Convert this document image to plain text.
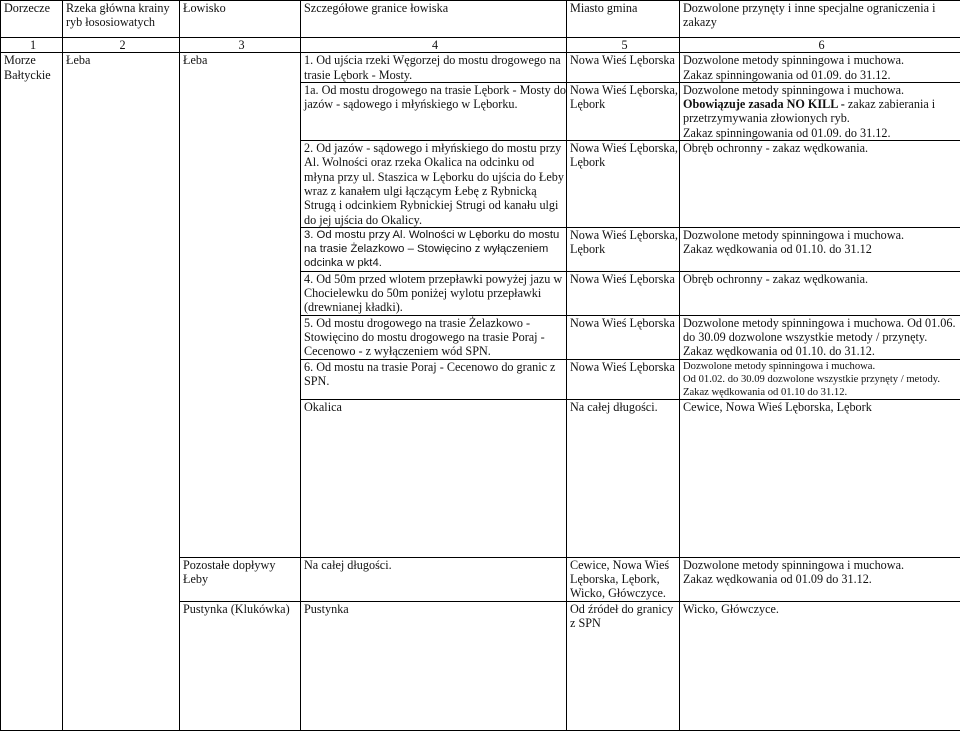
Dorzecze	Rzeka główna krainy ryb łososiowatych	Łowisko	Szczegółowe granice łowiska	Miasto gmina	Dozwolone przynęty i inne specjalne ograniczenia i zakazy	
1	2	3	4	5	6	
Morze Bałtyckie	Łeba	Łeba	1. Od ujścia rzeki Węgorzej do mostu drogowego na trasie Lębork - Mosty.	Nowa Wieś Lęborska	Dozwolone metody spinningowa i muchowa.
Zakaz spinningowania od 01.09. do 31.12.	

			1a. Od mostu drogowego na trasie Lębork - Mosty do jazów - sądowego i młyńskiego w Lęborku.	Nowa Wieś Lęborska, Lębork	Dozwolone metody spinningowa i muchowa.
Obowiązuje zasada NO KILL - zakaz zabierania i przetrzymywania złowionych ryb.
Zakaz spinningowania od 01.09. do 31.12.	

			2. Od jazów - sądowego i młyńskiego do mostu przy Al. Wolności oraz rzeka Okalica na odcinku od młyna przy ul. Staszica w Lęborku do ujścia do Łeby wraz z kanałem ulgi łączącym Łebę z Rybnicką Strugą i odcinkiem Rybnickiej Strugi od kanału ulgi do jej ujścia do Okalicy.	Nowa Wieś Lęborska, Lębork	Obręb ochronny - zakaz wędkowania.	

			3. Od mostu przy Al. Wolności w Lęborku do mostu na trasie Żelazkowo – Stowięcino z wyłączeniem odcinka w pkt4.	Nowa Wieś Lęborska, Lębork	Dozwolone metody spinningowa i muchowa.
Zakaz wędkowania od 01.10. do 31.12	

			4. Od 50m przed wlotem przepławki powyżej jazu w Chocielewku do 50m poniżej wylotu przepławki (drewnianej kładki).	Nowa Wieś Lęborska	Obręb ochronny - zakaz wędkowania.	

			5. Od mostu drogowego na trasie Żelazkowo - Stowięcino do mostu drogowego na trasie Poraj - Cecenowo - z wyłączeniem wód SPN.	Nowa Wieś Lęborska	Dozwolone metody spinningowa i muchowa. Od 01.06. do 30.09 dozwolone wszystkie metody / przynęty.
Zakaz wędkowania od 01.10. do 31.12.	

			6. Od mostu na trasie Poraj - Cecenowo do granic z SPN.	Nowa Wieś Lęborska	Dozwolone metody spinningowa i muchowa.
Od 01.02. do 30.09 dozwolone wszystkie przynęty / metody.
Zakaz wędkowania od 01.10 do 31.12.	

			Okalica	Na całej długości.	Cewice, Nowa Wieś Lęborska, Lębork	

		Pozostałe dopływy Łeby	Na całej długości.	Cewice, Nowa Wieś Lęborska, Lębork, Wicko, Główczyce.	Dozwolone metody spinningowa i muchowa.
Zakaz wędkowania od 01.09 do 31.12.	

		Pustynka (Klukówka)	Pustynka	Od źródeł do granicy z SPN	Wicko, Główczyce.	
